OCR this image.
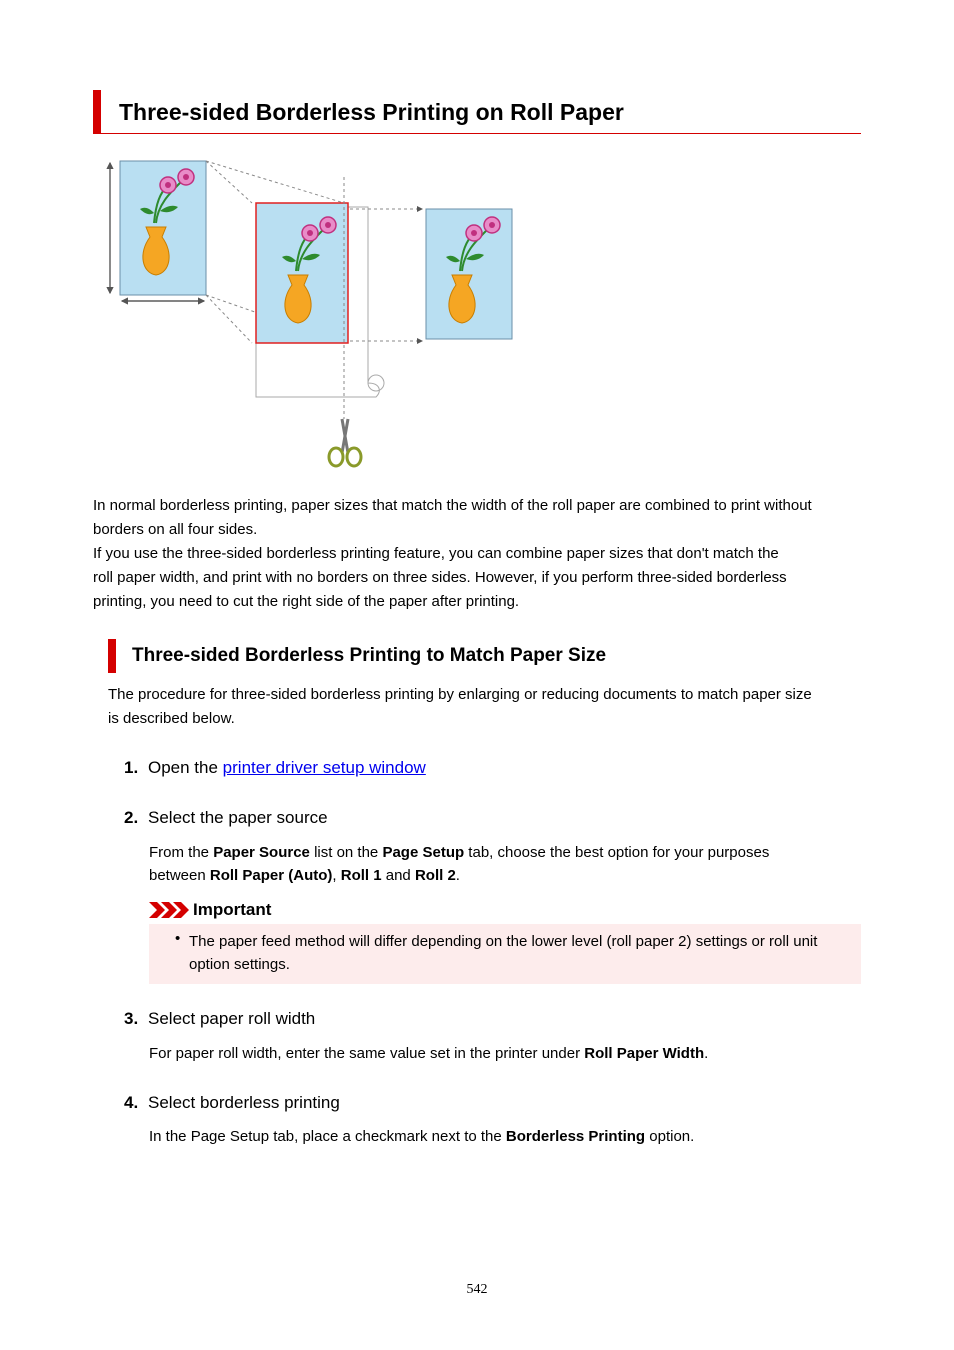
Three-sided Borderless Printing on Roll Paper
In normal borderless printing, paper sizes that match the width of the roll paper are combined to print without
borders on all four sides.
If you use the three-sided borderless printing feature, you can combine paper sizes that don't match the
roll paper width, and print with no borders on three sides. However, if you perform three-sided borderless
printing, you need to cut the right side of the paper after printing.
Three-sided Borderless Printing to Match Paper Size
The procedure for three-sided borderless printing by enlarging or reducing documents to match paper size
is described below.
1. Open the printer driver setup window
2. Select the paper source
From the Paper Source list on the Page Setup tab, choose the best option for your purposes
between Roll Paper (Auto), Roll 1 and Roll 2.
Important
• The paper feed method will differ depending on the lower level (roll paper 2) settings or roll unit
option settings.
3. Select paper roll width
For paper roll width, enter the same value set in the printer under Roll Paper Width.
4. Select borderless printing
In the Page Setup tab, place a checkmark next to the Borderless Printing option.
542
